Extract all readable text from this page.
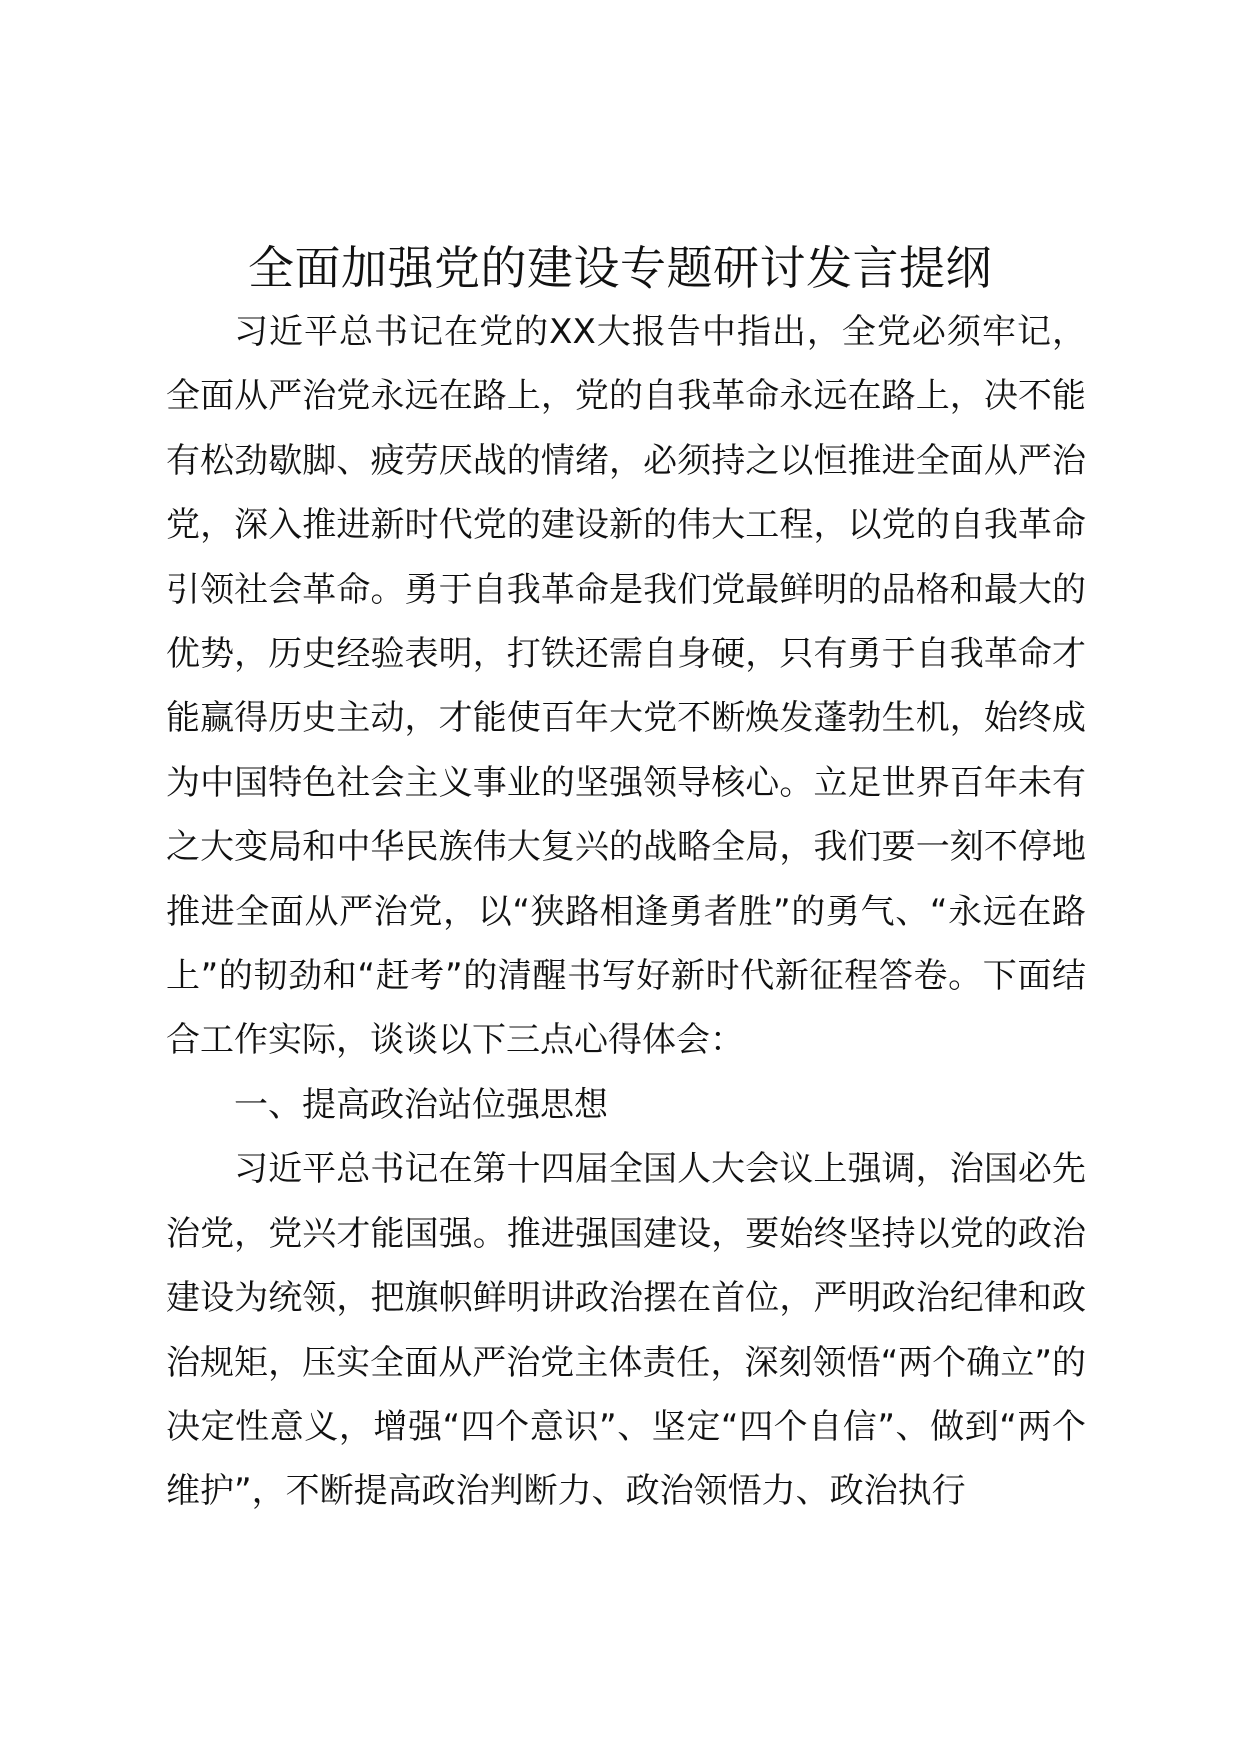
全面加强党的建设专题研讨发言提纲

习近平总书记在党的XX大报告中指出，全党必须牢记，全面从严治党永远在路上，党的自我革命永远在路上，决不能有松劲歇脚、疲劳厌战的情绪，必须持之以恒推进全面从严治党，深入推进新时代党的建设新的伟大工程，以党的自我革命引领社会革命。勇于自我革命是我们党最鲜明的品格和最大的优势，历史经验表明，打铁还需自身硬，只有勇于自我革命才能赢得历史主动，才能使百年大党不断焕发蓬勃生机，始终成为中国特色社会主义事业的坚强领导核心。立足世界百年未有之大变局和中华民族伟大复兴的战略全局，我们要一刻不停地推进全面从严治党，以“狭路相逢勇者胜”的勇气、“永远在路上”的韧劲和“赶考”的清醒书写好新时代新征程答卷。下面结合工作实际，谈谈以下三点心得体会：

一、提高政治站位强思想

习近平总书记在第十四届全国人大会议上强调，治国必先治党，党兴才能国强。推进强国建设，要始终坚持以党的政治建设为统领，把旗帜鲜明讲政治摆在首位，严明政治纪律和政治规矩，压实全面从严治党主体责任，深刻领悟“两个确立”的决定性意义，增强“四个意识”、坚定“四个自信”、做到“两个维护”，不断提高政治判断力、政治领悟力、政治执行
